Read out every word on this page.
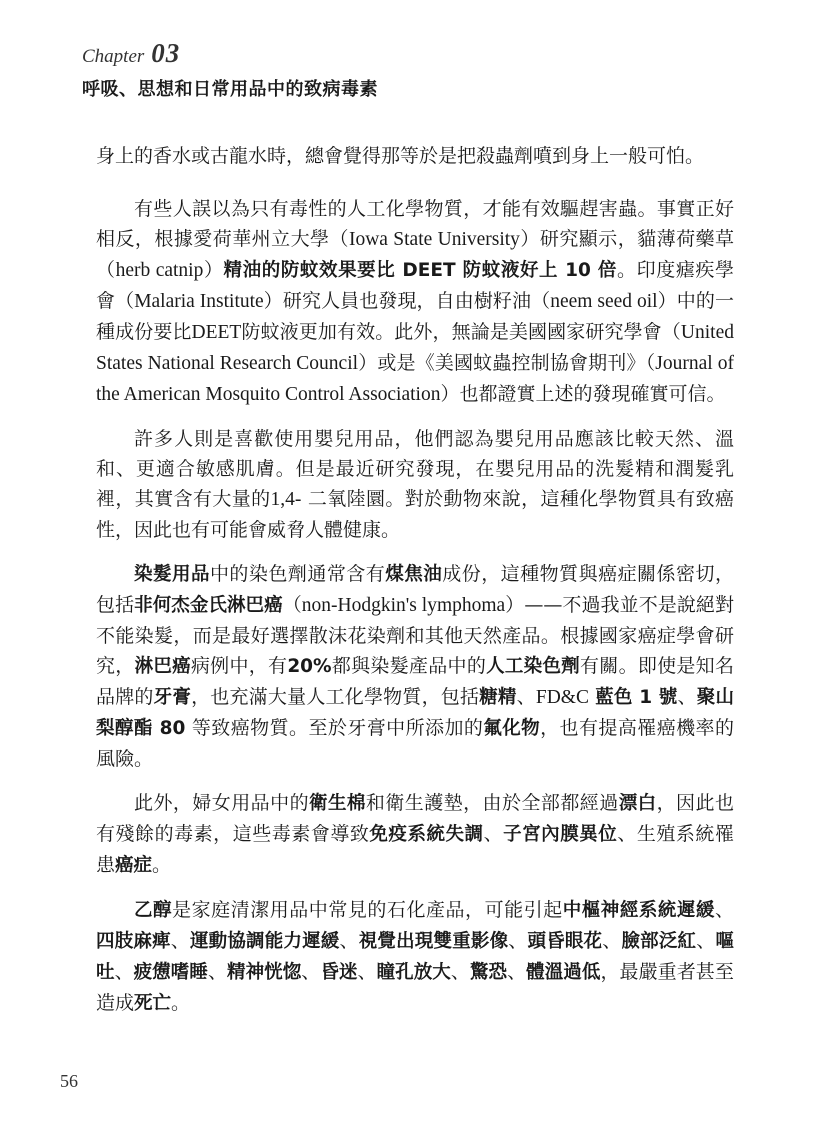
Chapter 03
呼吸、思想和日常用品中的致病毒素

身上的香水或古龍水時，總會覺得那等於是把殺蟲劑噴到身上一般可怕。

有些人誤以為只有毒性的人工化學物質，才能有效驅趕害蟲。事實正好相反，根據愛荷華州立大學（Iowa State University）研究顯示，貓薄荷藥草（herb catnip）精油的防蚊效果要比 DEET 防蚊液好上 10 倍。印度瘧疾學會（Malaria Institute）研究人員也發現，自由樹籽油（neem seed oil）中的一種成份要比DEET防蚊液更加有效。此外，無論是美國國家研究學會（United States National Research Council）或是《美國蚊蟲控制協會期刊》（Journal of the American Mosquito Control Association）也都證實上述的發現確實可信。

許多人則是喜歡使用嬰兒用品，他們認為嬰兒用品應該比較天然、溫和、更適合敏感肌膚。但是最近研究發現，在嬰兒用品的洗髮精和潤髮乳裡，其實含有大量的1,4- 二氧陸圜。對於動物來說，這種化學物質具有致癌性，因此也有可能會威脅人體健康。

染髮用品中的染色劑通常含有煤焦油成份，這種物質與癌症關係密切，包括非何杰金氏淋巴癌（non-Hodgkin's lymphoma）——不過我並不是說絕對不能染髮，而是最好選擇散沫花染劑和其他天然產品。根據國家癌症學會研究，淋巴癌病例中，有20%都與染髮產品中的人工染色劑有關。即使是知名品牌的牙膏，也充滿大量人工化學物質，包括糖精、FD&C 藍色 1 號、聚山梨醇酯 80 等致癌物質。至於牙膏中所添加的氟化物，也有提高罹癌機率的風險。

此外，婦女用品中的衛生棉和衛生護墊，由於全部都經過漂白，因此也有殘餘的毒素，這些毒素會導致免疫系統失調、子宮內膜異位、生殖系統罹患癌症。

乙醇是家庭清潔用品中常見的石化產品，可能引起中樞神經系統遲緩、四肢麻痺、運動協調能力遲緩、視覺出現雙重影像、頭昏眼花、臉部泛紅、嘔吐、疲憊嗜睡、精神恍惚、昏迷、瞳孔放大、驚恐、體溫過低，最嚴重者甚至造成死亡。

56
